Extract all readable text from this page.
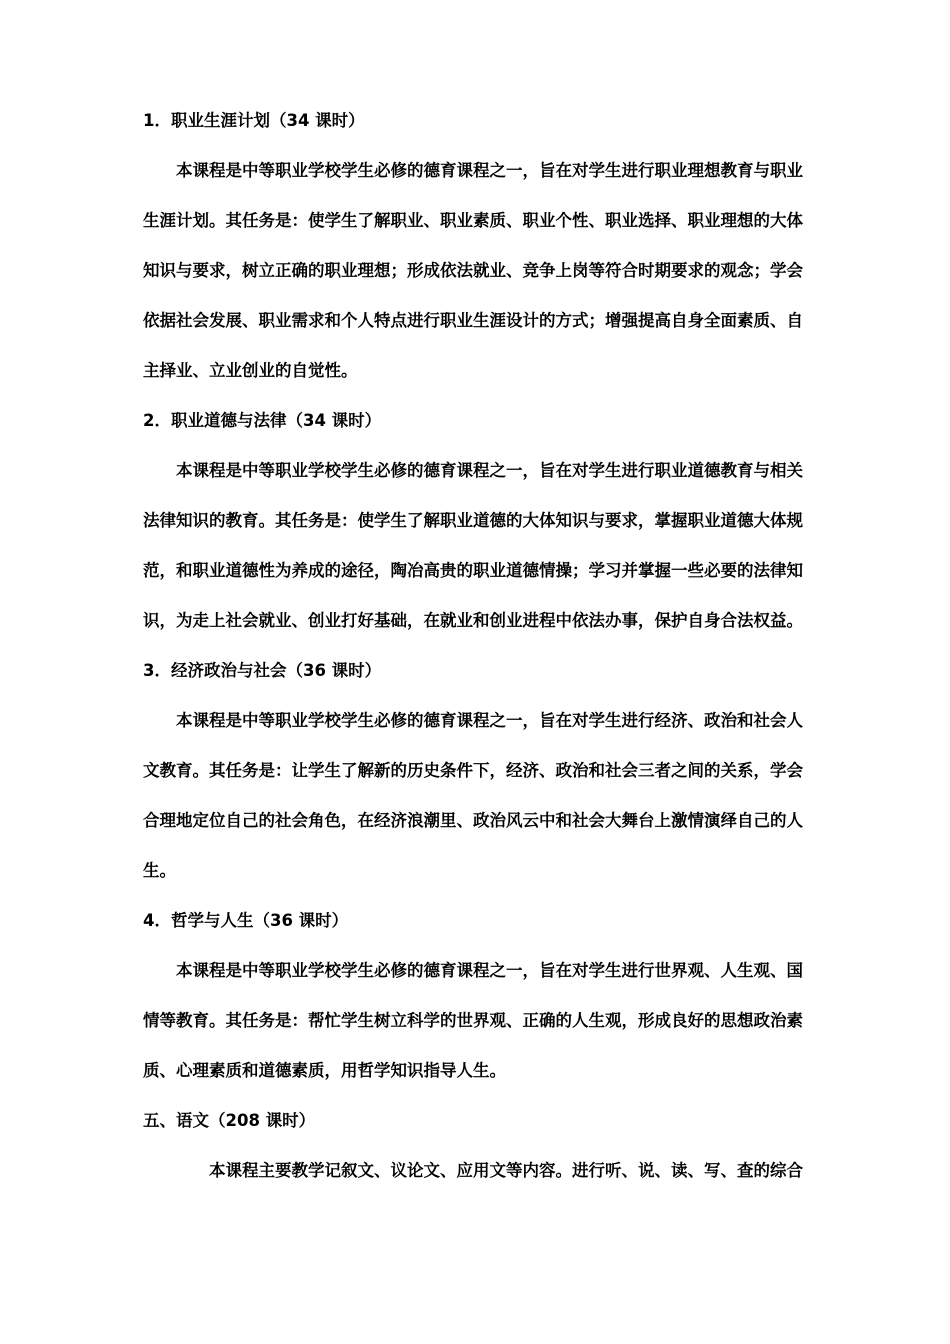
1．职业生涯计划（34 课时）
本课程是中等职业学校学生必修的德育课程之一，旨在对学生进行职业理想教育与职业
生涯计划。其任务是：使学生了解职业、职业素质、职业个性、职业选择、职业理想的大体
知识与要求，树立正确的职业理想；形成依法就业、竞争上岗等符合时期要求的观念；学会
依据社会发展、职业需求和个人特点进行职业生涯设计的方式；增强提高自身全面素质、自
主择业、立业创业的自觉性。
2．职业道德与法律（34 课时）
本课程是中等职业学校学生必修的德育课程之一，旨在对学生进行职业道德教育与相关
法律知识的教育。其任务是：使学生了解职业道德的大体知识与要求，掌握职业道德大体规
范，和职业道德性为养成的途径，陶冶高贵的职业道德情操；学习并掌握一些必要的法律知
识，为走上社会就业、创业打好基础，在就业和创业进程中依法办事，保护自身合法权益。
3．经济政治与社会（36 课时）
本课程是中等职业学校学生必修的德育课程之一，旨在对学生进行经济、政治和社会人
文教育。其任务是：让学生了解新的历史条件下，经济、政治和社会三者之间的关系，学会
合理地定位自己的社会角色，在经济浪潮里、政治风云中和社会大舞台上激情演绎自己的人
生。
4．哲学与人生（36 课时）
本课程是中等职业学校学生必修的德育课程之一，旨在对学生进行世界观、人生观、国
情等教育。其任务是：帮忙学生树立科学的世界观、正确的人生观，形成良好的思想政治素
质、心理素质和道德素质，用哲学知识指导人生。
五、语文（208 课时）
本课程主要教学记叙文、议论文、应用文等内容。进行听、说、读、写、查的综合
